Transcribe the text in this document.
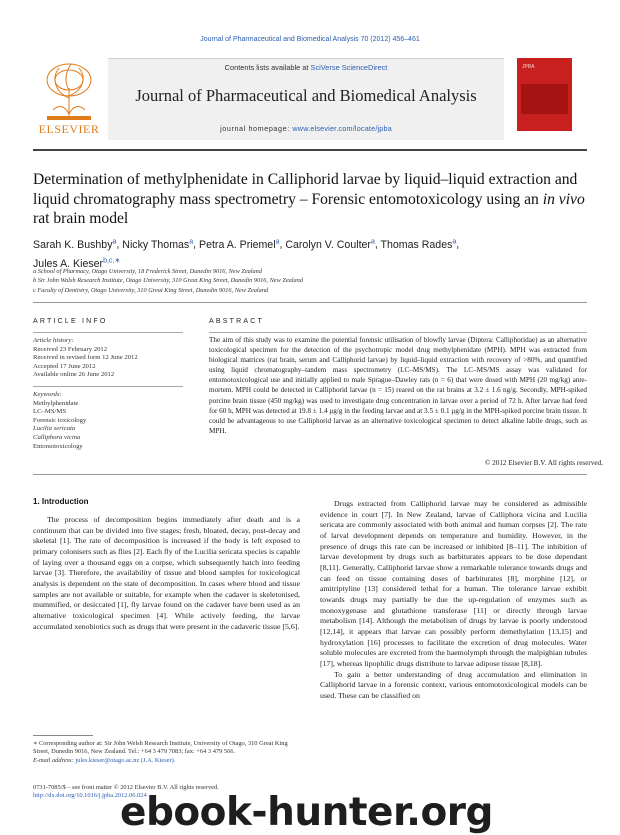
Journal of Pharmaceutical and Biomedical Analysis 70 (2012) 456–461
ELSEVIER
Contents lists available at SciVerse ScienceDirect
Journal of Pharmaceutical and Biomedical Analysis
journal homepage: www.elsevier.com/locate/jpba
JPBA
Determination of methylphenidate in Calliphorid larvae by liquid–liquid extraction and liquid chromatography mass spectrometry – Forensic entomotoxicology using an in vivo rat brain model
Sarah K. Bushby$^a$, Nicky Thomas$^a$, Petra A. Priemel$^a$, Carolyn V. Coulter$^a$, Thomas Rades$^a$,
Jules A. Kieser$^{b,c,∗}$
a School of Pharmacy, Otago University, 18 Frederick Street, Dunedin 9016, New Zealand
b Sir John Walsh Research Institute, Otago University, 310 Great King Street, Dunedin 9016, New Zealand
c Faculty of Dentistry, Otago University, 310 Great King Street, Dunedin 9016, New Zealand
ARTICLE INFO
Article history:
Received 23 February 2012
Received in revised form 12 June 2012
Accepted 17 June 2012
Available online 26 June 2012
Keywords:
Methylphenidate
LC–MS/MS
Forensic toxicology
Lucilia sericata
Calliphora vicina
Entomotoxicology
ABSTRACT
The aim of this study was to examine the potential forensic utilisation of blowfly larvae (Diptera: Calliphoridae) as an alternative toxicological specimen for the detection of the psychotropic model drug methylphenidate (MPH). MPH was extracted from biological matrices (rat brain, serum and Calliphorid larvae) by liquid–liquid extraction with recovery of >80%, and quantified using liquid chromatography–tandem mass spectrometry (LC–MS/MS). The LC–MS/MS assay was validated for entomotoxicological use and initially applied to male Sprague–Dawley rats (n = 6) that were dosed with MPH (20 mg/kg) ante-mortem. MPH could be detected in Calliphorid larvae (n = 15) reared on the rat brains at 3.2 ± 1.6 ng/g. Secondly, MPH-spiked porcine brain tissue (450 mg/kg) was used to investigate drug concentration in larvae over a period of 72 h. After larvae had feed for 60 h, MPH was detected at 19.8 ± 1.4 μg/g in the feeding larvae and at 3.5 ± 0.1 μg/g in the MPH-spiked porcine brain tissue. It could be advantageous to use Calliphorid larvae as an alternative toxicological specimen to detect alkaline labile drugs, such as MPH.
© 2012 Elsevier B.V. All rights reserved.
1. Introduction

The process of decomposition begins immediately after death and is a continuum that can be divided into five stages; fresh, bloated, decay, post-decay and skeletal [1]. The rate of decomposition is increased if the body is left exposed to primary colonisers such as flies [2]. Each fly of the Lucilia sericata species is capable of laying over a thousand eggs on a corpse, which subsequently hatch into feeding larvae [3]. Therefore, the availability of tissue and blood samples for toxicological analysis is dependent on the state of decomposition. In cases where blood and tissue samples are not available or suitable, for example when the cadaver is skeletonised, mummified, or desiccated [1], fly larvae found on the cadaver have been used as an alternative toxicological specimen [4]. While actively feeding, the larvae accumulated xenobiotics such as drugs that were present in the cadaveric tissue [5,6].

Drugs extracted from Calliphorid larvae may be considered as admissible evidence in court [7]. In New Zealand, larvae of Calliphora vicina and Lucilia sericata are commonly associated with both animal and human corpses [2]. The rate of larval development depends on temperature and humidity. However, in the presence of drugs this rate can be increased or inhibited [8–11]. The inhibition of larvae development by drugs such as barbiturates appears to be dose dependant [8,11]. Generally, Calliphorid larvae show a remarkable tolerance towards drugs and can feed on tissue containing doses of barbiturates [8], morphine [12], or amitriptyline [13] considered lethal for a human. The tolerance larvae exhibit towards drugs may partially be due the up-regulation of enzymes such as monoxygenase and glutathione transferase [11] or directly through larvae metabolism [14]. Although the metabolism of drugs by larvae is poorly understood [12,14], it appears that larvae can possibly perform demethylation [13,15] and hydroxylation [16] processes to facilitate the excretion of drug molecules. Water soluble molecules are excreted from the haemolymph through the malpighian tubules [17], whereas lipophilic drugs distribute to larvae adipose tissue [8,18].

To gain a better understanding of drug accumulation and elimination in Calliphorid larvae in a forensic context, various entomotoxicological models can be used. These can be classified on

∗ Corresponding author at: Sir John Welsh Research Institute, University of Otago, 310 Great King Street, Dunedin 9016, New Zealand. Tel.: +64 3 479 7083; fax: +64 3 479 566.
E-mail address: jules.kieser@otago.ac.nz (J.A. Kieser).
0731-7085/$ – see front matter © 2012 Elsevier B.V. All rights reserved.
http://dx.doi.org/10.1016/j.jpba.2012.06.024
ebook-hunter.org
